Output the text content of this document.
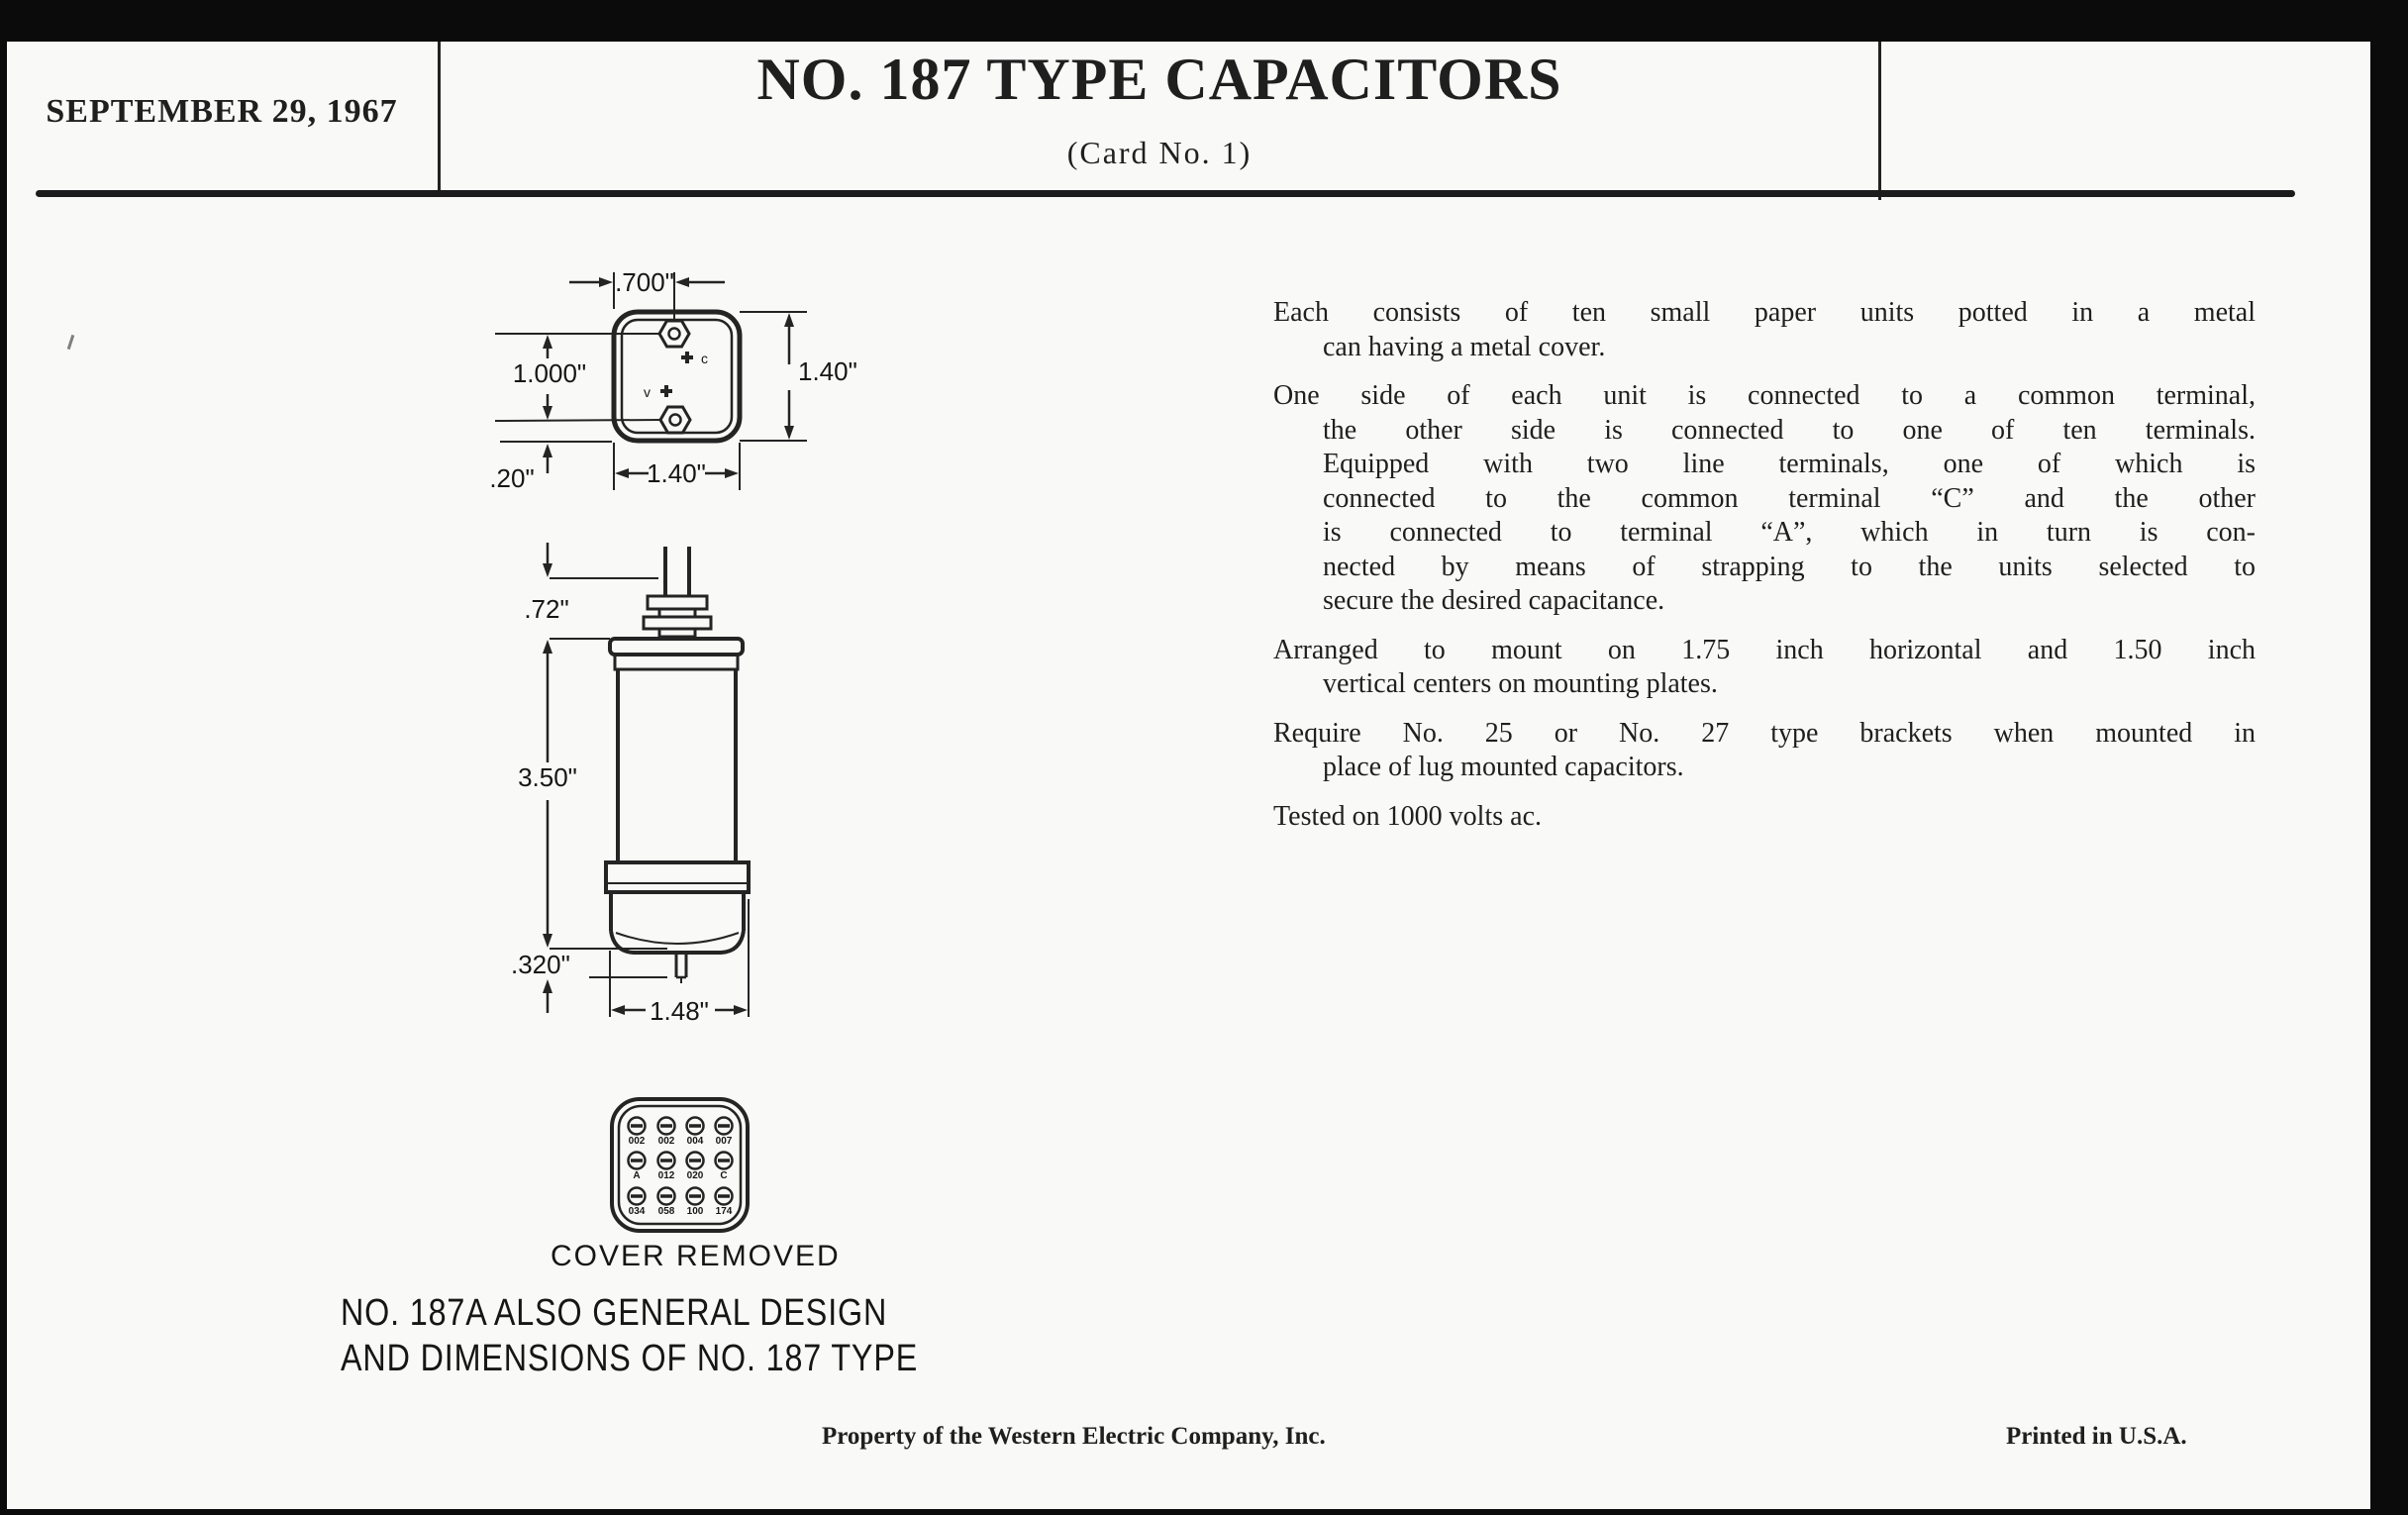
SEPTEMBER 29, 1967	NO. 187 TYPE CAPACITORS
(Card No. 1)
c
v
.700"
1.000"	1.40"
.20"	1.40"
.72"
3.50"
.320"
1.48"
002 002 004 007
A 012 020 C
034 058 100 174
COVER REMOVED
NO. 187A ALSO GENERAL DESIGN
AND DIMENSIONS OF NO. 187 TYPE
Each consists of ten small paper units potted in a metal
can having a metal cover.
One side of each unit is connected to a common terminal,
the other side is connected to one of ten terminals.
Equipped with two line terminals, one of which is
connected to the common terminal “C” and the other
is connected to terminal “A”, which in turn is con-
nected by means of strapping to the units selected to
secure the desired capacitance.
Arranged to mount on 1.75 inch horizontal and 1.50 inch
vertical centers on mounting plates.
Require No. 25 or No. 27 type brackets when mounted in
place of lug mounted capacitors.
Tested on 1000 volts ac.
Property of the Western Electric Company, Inc.	Printed in U.S.A.
